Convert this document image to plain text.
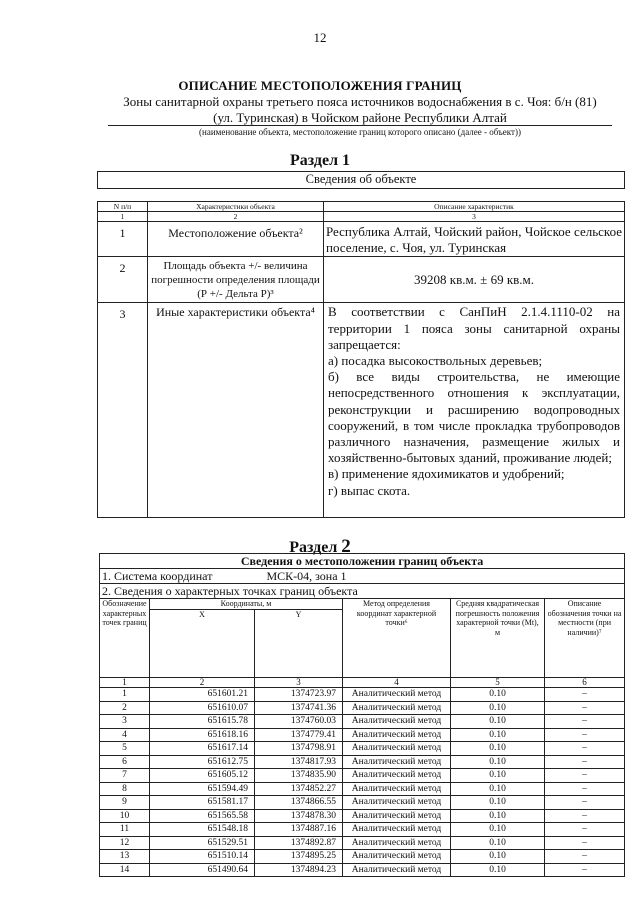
12
ОПИСАНИЕ МЕСТОПОЛОЖЕНИЯ ГРАНИЦ
Зоны санитарной охраны третьего пояса источников водоснабжения в с. Чоя: б/н (81)
(ул. Туринская) в Чойском районе Республики Алтай
(наименование объекта, местоположение границ которого описано (далее - объект))
Раздел 1
Сведения об объекте		

N п/п	Характеристики объекта	Описание характеристик
1	2	3
1	Местоположение объекта²	Республика Алтай, Чойский район, Чойское сельское поселение, с. Чоя, ул. Туринская
2	Площадь объекта +/- величина погрешности определения площади (Р +/- Дельта Р)³	39208 кв.м. ± 69 кв.м.
3	Иные характеристики объекта⁴	В соответствии с СанПиН 2.1.4.1110-02 на территории 1 пояса зоны санитарной охраны запрещается:
а) посадка высокоствольных деревьев;
б) все виды строительства, не имеющие непосредственного отношения к эксплуатации, реконструкции и расширению водопроводных сооружений, в том числе прокладка трубопроводов различного назначения, размещение жилых и хозяйственно-бытовых зданий, проживание людей;
в) применение ядохимикатов и удобрений;
г) выпас скота.
Раздел 2
Сведения о местоположении границ объекта					
1. Система координат МСК-04, зона 1					
2. Сведения о характерных точках границ объекта					
Обозначение характерных точек границ	Координаты, м		Метод определения координат характерной точки⁶	Средняя квадратическая погрешность положения характерной точки (Mt), м	Описание обозначения точки на местности (при наличии)⁷
	X	Y			
1	2	3	4	5	6
1	651601.21	1374723.97	Аналитический метод	0.10	–
2	651610.07	1374741.36	Аналитический метод	0.10	–
3	651615.78	1374760.03	Аналитический метод	0.10	–
4	651618.16	1374779.41	Аналитический метод	0.10	–
5	651617.14	1374798.91	Аналитический метод	0.10	–
6	651612.75	1374817.93	Аналитический метод	0.10	–
7	651605.12	1374835.90	Аналитический метод	0.10	–
8	651594.49	1374852.27	Аналитический метод	0.10	–
9	651581.17	1374866.55	Аналитический метод	0.10	–
10	651565.58	1374878.30	Аналитический метод	0.10	–
11	651548.18	1374887.16	Аналитический метод	0.10	–
12	651529.51	1374892.87	Аналитический метод	0.10	–
13	651510.14	1374895.25	Аналитический метод	0.10	–
14	651490.64	1374894.23	Аналитический метод	0.10	–
